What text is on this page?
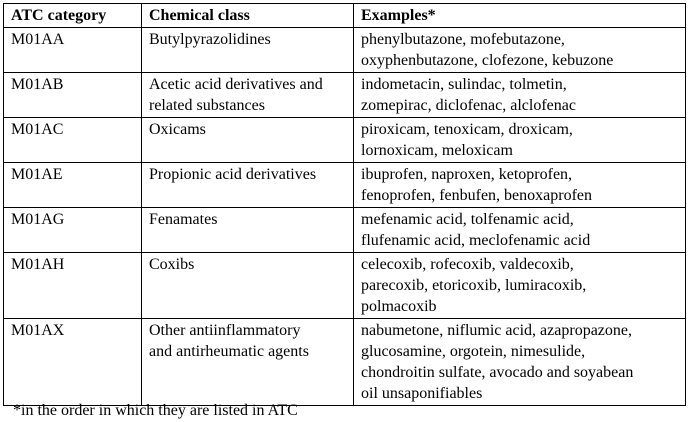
ATC category	Chemical class	Examples*
M01AA	Butylpyrazolidines	phenylbutazone, mofebutazone,
oxyphenbutazone, clofezone, kebuzone

M01AB	Acetic acid derivatives and
related substances	indometacin, sulindac, tolmetin,
zomepirac, diclofenac, alclofenac

M01AC	Oxicams	piroxicam, tenoxicam, droxicam,
lornoxicam, meloxicam

M01AE	Propionic acid derivatives	ibuprofen, naproxen, ketoprofen,
fenoprofen, fenbufen, benoxaprofen

M01AG	Fenamates	mefenamic acid, tolfenamic acid,
flufenamic acid, meclofenamic acid

M01AH	Coxibs	celecoxib, rofecoxib, valdecoxib,
parecoxib, etoricoxib, lumiracoxib,
polmacoxib

M01AX	Other antiinflammatory
and antirheumatic agents	nabumetone, niflumic acid, azapropazone,
glucosamine, orgotein, nimesulide,
chondroitin sulfate, avocado and soyabean
oil unsaponifiables
*in the order in which they are listed in ATC
